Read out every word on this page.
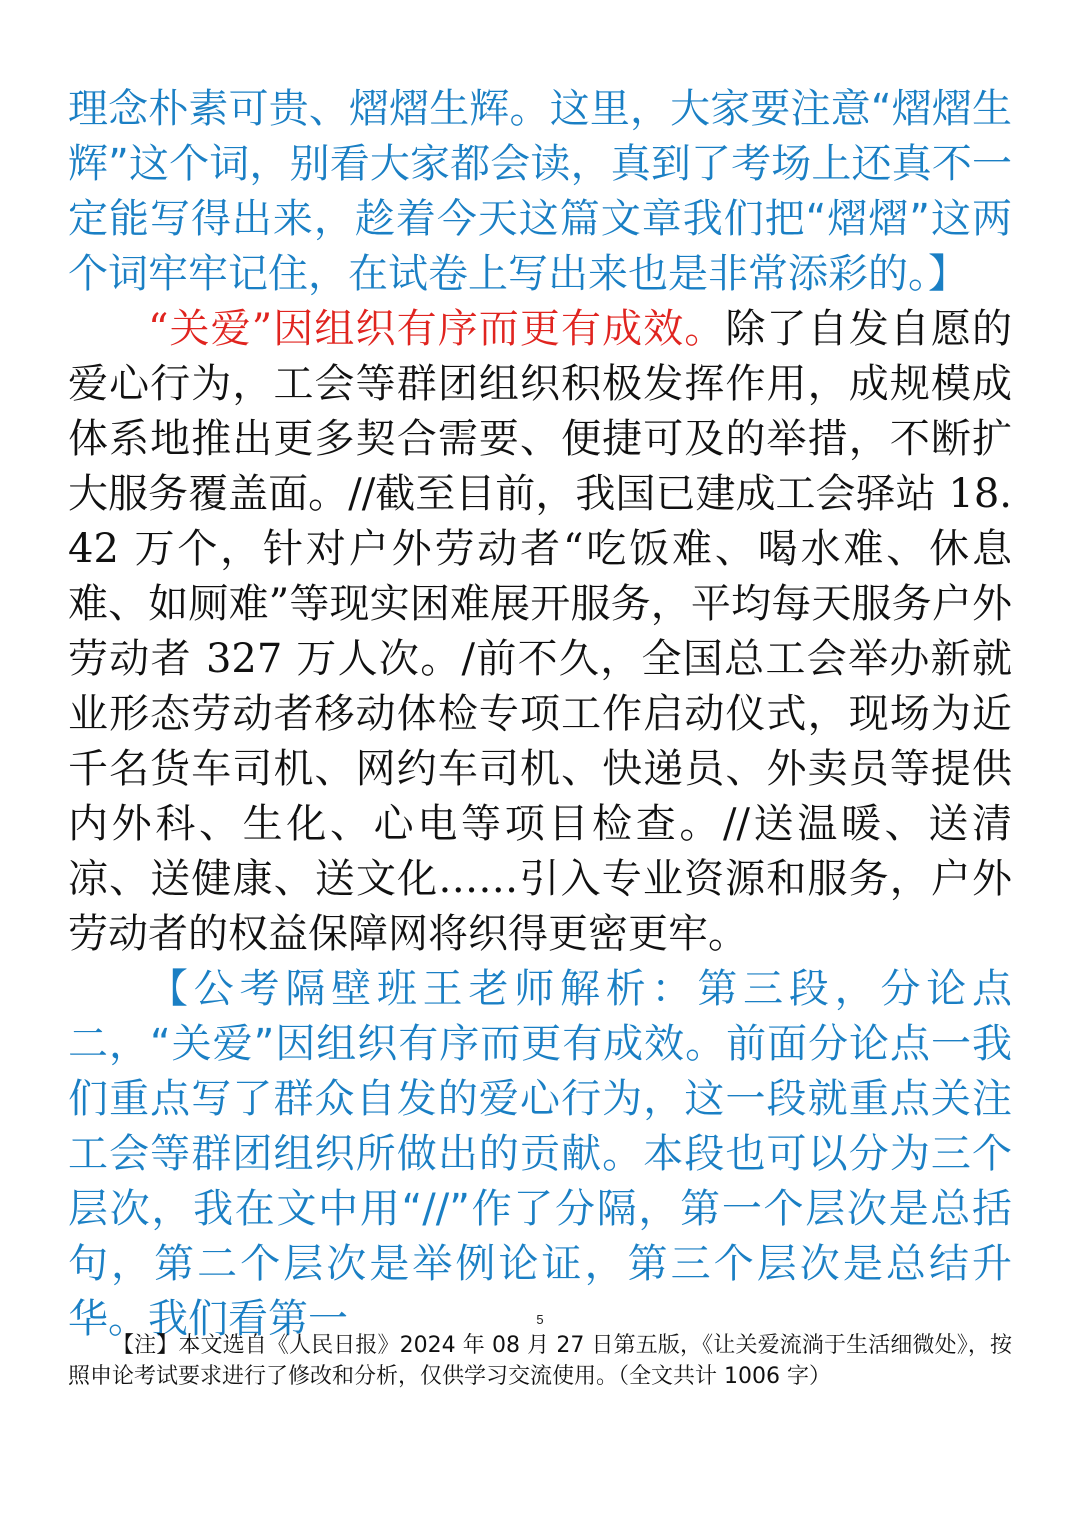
理念朴素可贵、熠熠生辉。这里，大家要注意“熠熠生辉”这个词，别看大家都会读，真到了考场上还真不一定能写得出来，趁着今天这篇文章我们把“熠熠”这两个词牢牢记住，在试卷上写出来也是非常添彩的。】

“关爱”因组织有序而更有成效。除了自发自愿的爱心行为，工会等群团组织积极发挥作用，成规模成体系地推出更多契合需要、便捷可及的举措，不断扩大服务覆盖面。//截至目前，我国已建成工会驿站 18.42 万个，针对户外劳动者“吃饭难、喝水难、休息难、如厕难”等现实困难展开服务，平均每天服务户外劳动者 327 万人次。/前不久，全国总工会举办新就业形态劳动者移动体检专项工作启动仪式，现场为近千名货车司机、网约车司机、快递员、外卖员等提供内外科、生化、心电等项目检查。//送温暖、送清凉、送健康、送文化……引入专业资源和服务，户外劳动者的权益保障网将织得更密更牢。

【公考隔壁班王老师解析：第三段，分论点二，“关爱”因组织有序而更有成效。前面分论点一我们重点写了群众自发的爱心行为，这一段就重点关注工会等群团组织所做出的贡献。本段也可以分为三个层次，我在文中用“//”作了分隔，第一个层次是总括句，第二个层次是举例论证，第三个层次是总结升华。我们看第一	5

【注】本文选自《人民日报》2024 年 08 月 27 日第五版，《让关爱流淌于生活细微处》，按照申论考试要求进行了修改和分析，仅供学习交流使用。（全文共计 1006 字）
